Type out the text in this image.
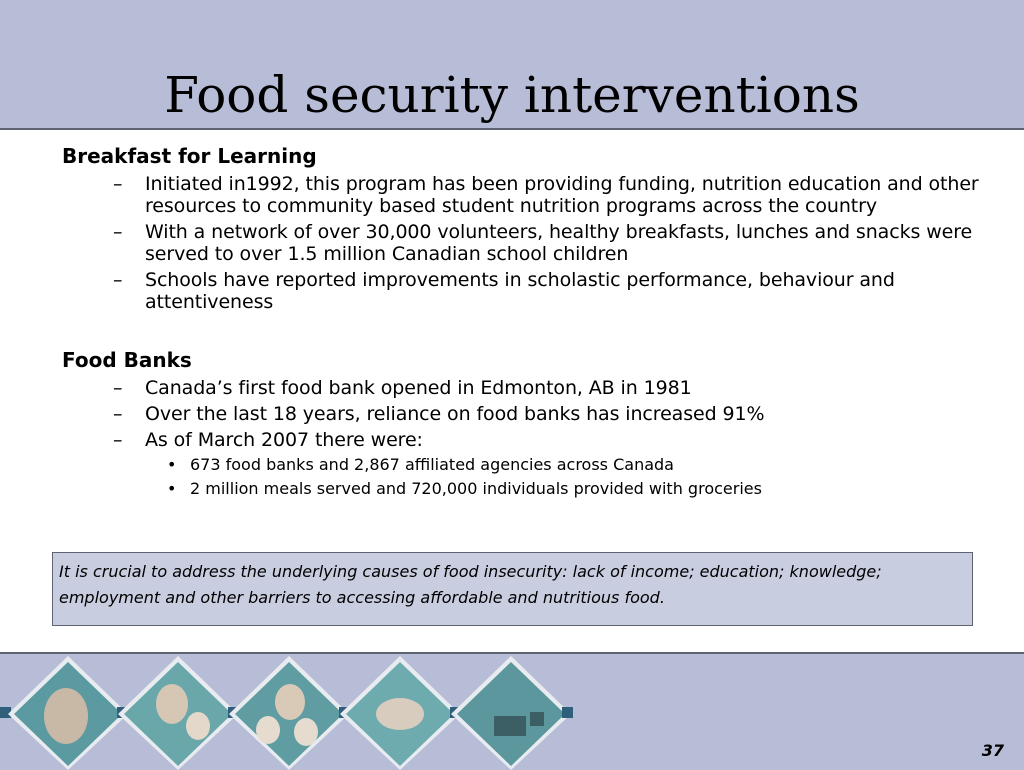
Food security interventions

Breakfast for Learning

– Initiated in1992, this program has been providing funding, nutrition education and other resources to community based student nutrition programs across the country

– With a network of over 30,000 volunteers, healthy breakfasts, lunches and snacks were served to over 1.5 million Canadian school children

– Schools have reported improvements in scholastic performance, behaviour and attentiveness

Food Banks

– Canada’s first food bank opened in Edmonton, AB in 1981

– Over the last 18 years, reliance on food banks has increased 91%

– As of March 2007 there were:

• 673 food banks and 2,867 affiliated agencies across Canada

• 2 million meals served and 720,000 individuals provided with groceries

It is crucial to address the underlying causes of food insecurity: lack of income; education; knowledge; employment and other barriers to accessing affordable and nutritious food.
37
